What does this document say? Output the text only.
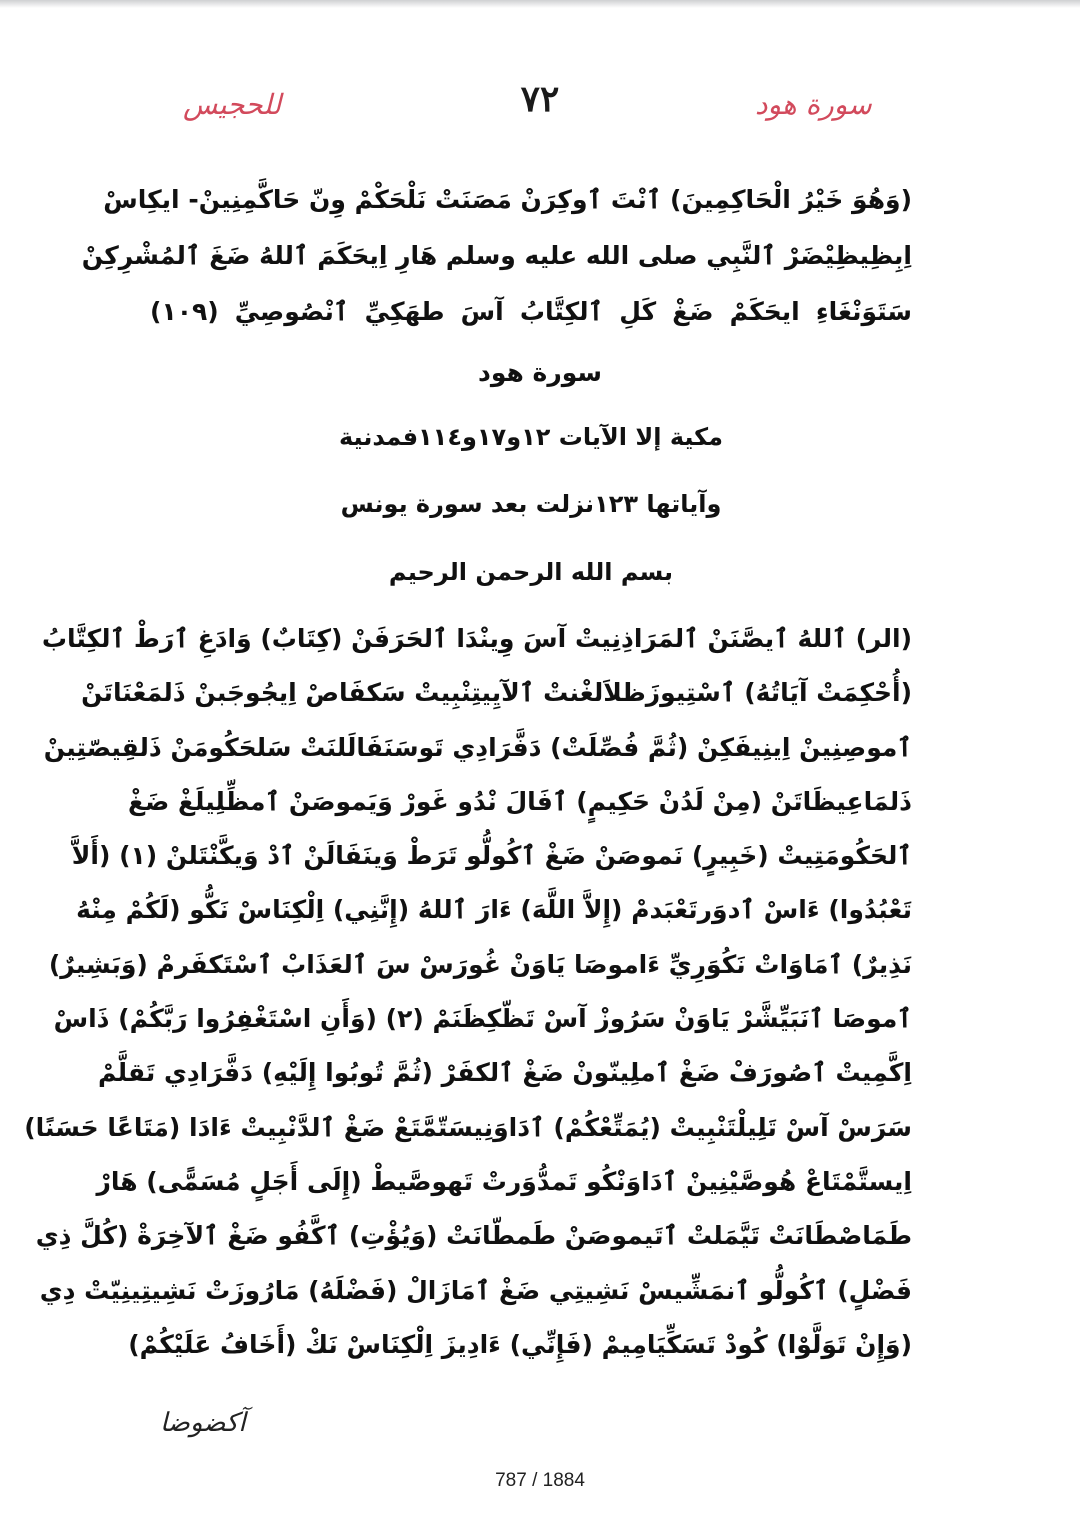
للحجيس	٧٢	سورة هود
(وَهُوَ خَيْرُ الْحَاكِمِينَ) ٱنْتَ ٱوكِرَنْ مَصَنَتْ نَلْحَكْمْ وِنّ حَاكَّمِنِينْ- ايكِاسْ
اِبِظِيظِيْضَرْ ٱلنَّبِي صلى الله عليه وسلم هَارِ اِيحَكَمَ ٱللهُ ضَغَ ٱلمُشْرِكِنْ
سَتَوَنْغَاءِ ايحَكَمْ ضَغْ كَلِ ٱلكِتَّابُ آسَ طهَكِيِّ ٱنْصُوصِيِّ (١٠٩)
سورة هود
مكية إلا الآيات ١٢و١٧و١١٤فمدنية
وآياتها ١٢٣نزلت بعد سورة يونس
بسم الله الرحمن الرحيم
(الر) ٱللهُ ٱيصَّنَنْ ٱلمَرَاذِنِيتْ آسَ وِينْدَا ٱلحَرَفَنْ (كِتَابٌ) وَادَغِ ٱرَطْ ٱلكِتَّابُ
(أُحْكِمَتْ آيَاتُهُ) ٱسْتِيوزَظلاَلغْنتْ ٱلآيِيتِنْبِيتْ سَكفَاصْ اِيجُوجَبنْ ذَلمَعْنَاتَنْ
ٱموصِنِينْ اِينِيفَكِنْ (ثُمَّ فُصِّلَتْ) دَفَّرَادِي تَوسَنَفَالَلنَتْ سَلحَكُومَنْ ذَلقِيصّتِينْ
ذَلمَاعِيظَاتَنْ (مِنْ لَدُنْ حَكِيمٍ) ٱفَالَ نْدُو غَورْ وَيَموصَنْ ٱمظِّلِيلَغْ ضَغْ
ٱلحَكُومَتِيتْ (خَبِيرٍ) نَموصَنْ ضَغْ ٱكُولُّو تَرَطْ وَينَفَالَنْ ٱدْ وَيكَّنْتَلنْ (١) (أَلاَّ
تَعْبُدُوا) ءَاسْ ٱدوَرتَعْبَدمْ (إِلاَّ اللَّهَ) ءَارَ ٱللهُ (إِنَّنِي) اِلْكِنَاسْ نَكُّو (لَكُمْ مِنْهُ
نَذِيرٌ) ٱمَاوَاتْ نَكُوَرِيِّ ءَاموصَا يَاوَنْ غُورَسْ سَ ٱلعَذَابْ ٱسْتَكفَرمْ (وَبَشِيرٌ)
ٱموصَا ٱنَبَيِّشَّرْ يَاوَنْ سَرُوزْ آسْ تَظّكِظَنَمْ (٢) (وَأَنِ اسْتَغْفِرُوا رَبَّكُمْ) ذَاسْ
اِكَّمِيتْ ٱصُورَفْ ضَغْ ٱملِينّونْ ضَغْ ٱلكفَرْ (ثُمَّ تُوبُوا إِلَيْهِ) دَفَّرَادِي تَقلَّمْ
سَرَسْ آسْ تَلِيلْتَنْبِيتْ (يُمَتِّعْكُمْ) ٱدَاوَنِيسَتّمَّتَعْ ضَغْ ٱلدَّنْبِيتْ ءَادَا (مَتَاعًا حَسَنًا)
اِيستَّمْتَاعْ هُوصَّيْنِينْ ٱدَاوَنْكُو تَمدُّوَرتْ تَهوصَّيطْ (إِلَى أَجَلٍ مُسَمًّى) هَارْ
طَمَاصْطَانَتْ تَيَّمَلتْ ٱتَيموصَنْ طَمطّانَتْ (وَيُؤْتِ) ٱكَّفُو ضَغْ ٱلآخِرَةْ (كُلَّ ذِي
فَضْلٍ) ٱكُولُّو ٱنمَشِّيسْ نَشِيتِي ضَغْ ٱمَازَالْ (فَضْلَهُ) مَارُوزَتْ نَشِيتِينِيّتْ دِي
(وَإِنْ تَوَلَّوْا) كُودْ تَسَكِّيَامِيمْ (فَإِنِّي) ءَادِيزَ اِلْكِنَاسْ نَكْ (أَخَافُ عَلَيْكُمْ)
آكضوضا
787 / 1884
